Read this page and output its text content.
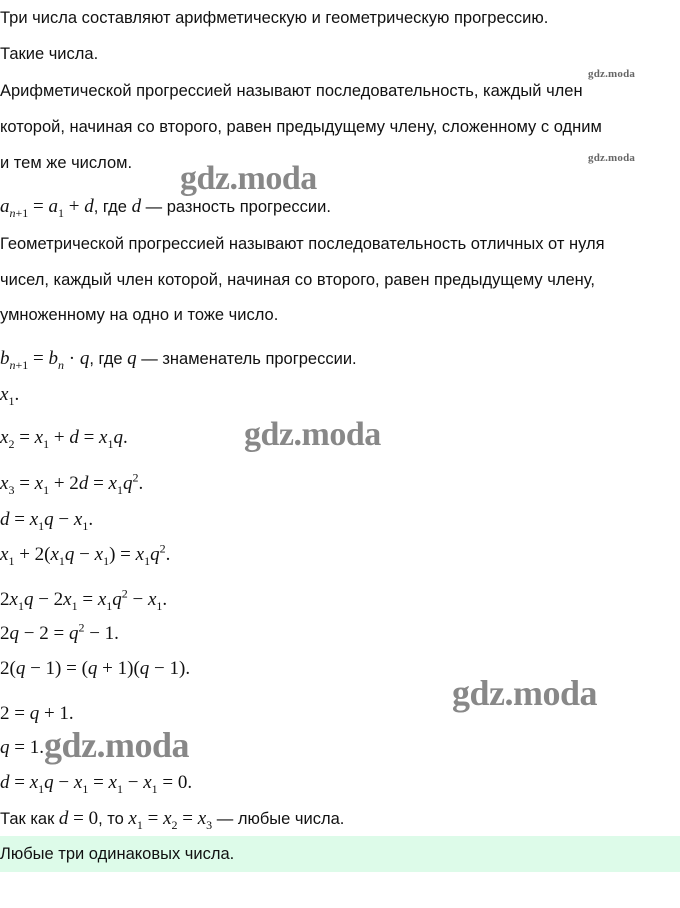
Три числа составляют арифметическую и геометрическую прогрессию.
Такие числа.
Арифметической прогрессией называют последовательность, каждый член
которой, начиная со второго, равен предыдущему члену, сложенному с одним
и тем же числом.
$a_{n+1} = a_1 + d$, где d — разность прогрессии.
Геометрической прогрессией называют последовательность отличных от нуля
чисел, каждый член которой, начиная со второго, равен предыдущему члену,
умноженному на одно и тоже число.
$b_{n+1} = b_n \cdot q$, где q — знаменатель прогрессии.
$x_1$.
$x_2 = x_1 + d = x_1q$.
$x_3 = x_1 + 2d = x_1q^2$.
$d = x_1q - x_1$.
$x_1 + 2(x_1q - x_1) = x_1q^2$.
$2x_1q - 2x_1 = x_1q^2 - x_1$.
$2q - 2 = q^2 - 1$.
2(q − 1) = (q + 1)(q − 1).
2 = q + 1.
q = 1.
$d = x_1q - x_1 = x_1 - x_1 = 0$.
Так как d = 0, то $x_1 = x_2 = x_3$ — любые числа.
Любые три одинаковых числа.
gdz.moda
gdz.moda
gdz.moda
gdz.moda
gdz.moda
gdz.moda
